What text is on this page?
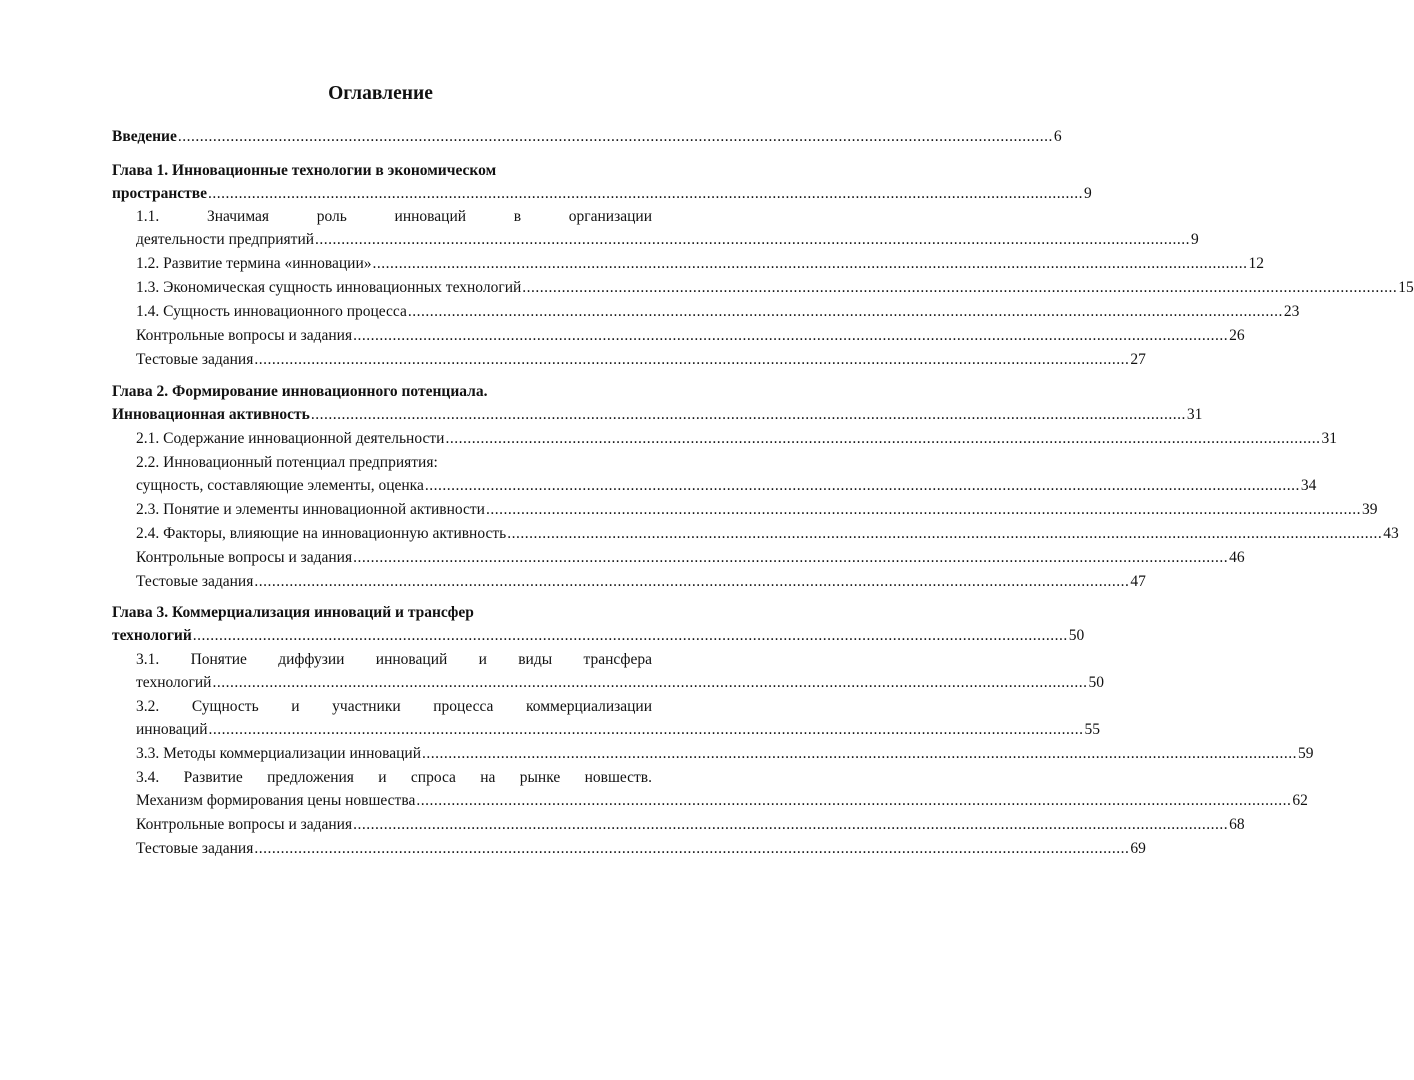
Оглавление
Введение ........................................................................................................................................................................................................ 6
Глава 1. Инновационные технологии в экономическом
пространстве ........................................................................................................................................................................................................ 9
1.1. Значимая роль инноваций в организации
деятельности предприятий ........................................................................................................................................................................................................ 9
1.2. Развитие термина «инновации» ........................................................................................................................................................................................................ 12
1.3. Экономическая сущность инновационных технологий ........................................................................................................................................................................................................ 15
1.4. Сущность инновационного процесса ........................................................................................................................................................................................................ 23
Контрольные вопросы и задания ........................................................................................................................................................................................................ 26
Тестовые задания ........................................................................................................................................................................................................ 27
Глава 2. Формирование инновационного потенциала.
Инновационная активность ........................................................................................................................................................................................................ 31
2.1. Содержание инновационной деятельности ........................................................................................................................................................................................................ 31
2.2. Инновационный потенциал предприятия:
сущность, составляющие элементы, оценка ........................................................................................................................................................................................................ 34
2.3. Понятие и элементы инновационной активности ........................................................................................................................................................................................................ 39
2.4. Факторы, влияющие на инновационную активность ........................................................................................................................................................................................................ 43
Контрольные вопросы и задания ........................................................................................................................................................................................................ 46
Тестовые задания ........................................................................................................................................................................................................ 47
Глава 3. Коммерциализация инноваций и трансфер
технологий ........................................................................................................................................................................................................ 50
3.1. Понятие диффузии инноваций и виды трансфера
технологий ........................................................................................................................................................................................................ 50
3.2. Сущность и участники процесса коммерциализации
инноваций ........................................................................................................................................................................................................ 55
3.3. Методы коммерциализации инноваций ........................................................................................................................................................................................................ 59
3.4. Развитие предложения и спроса на рынке новшеств.
Механизм формирования цены новшества ........................................................................................................................................................................................................ 62
Контрольные вопросы и задания ........................................................................................................................................................................................................ 68
Тестовые задания ........................................................................................................................................................................................................ 69
